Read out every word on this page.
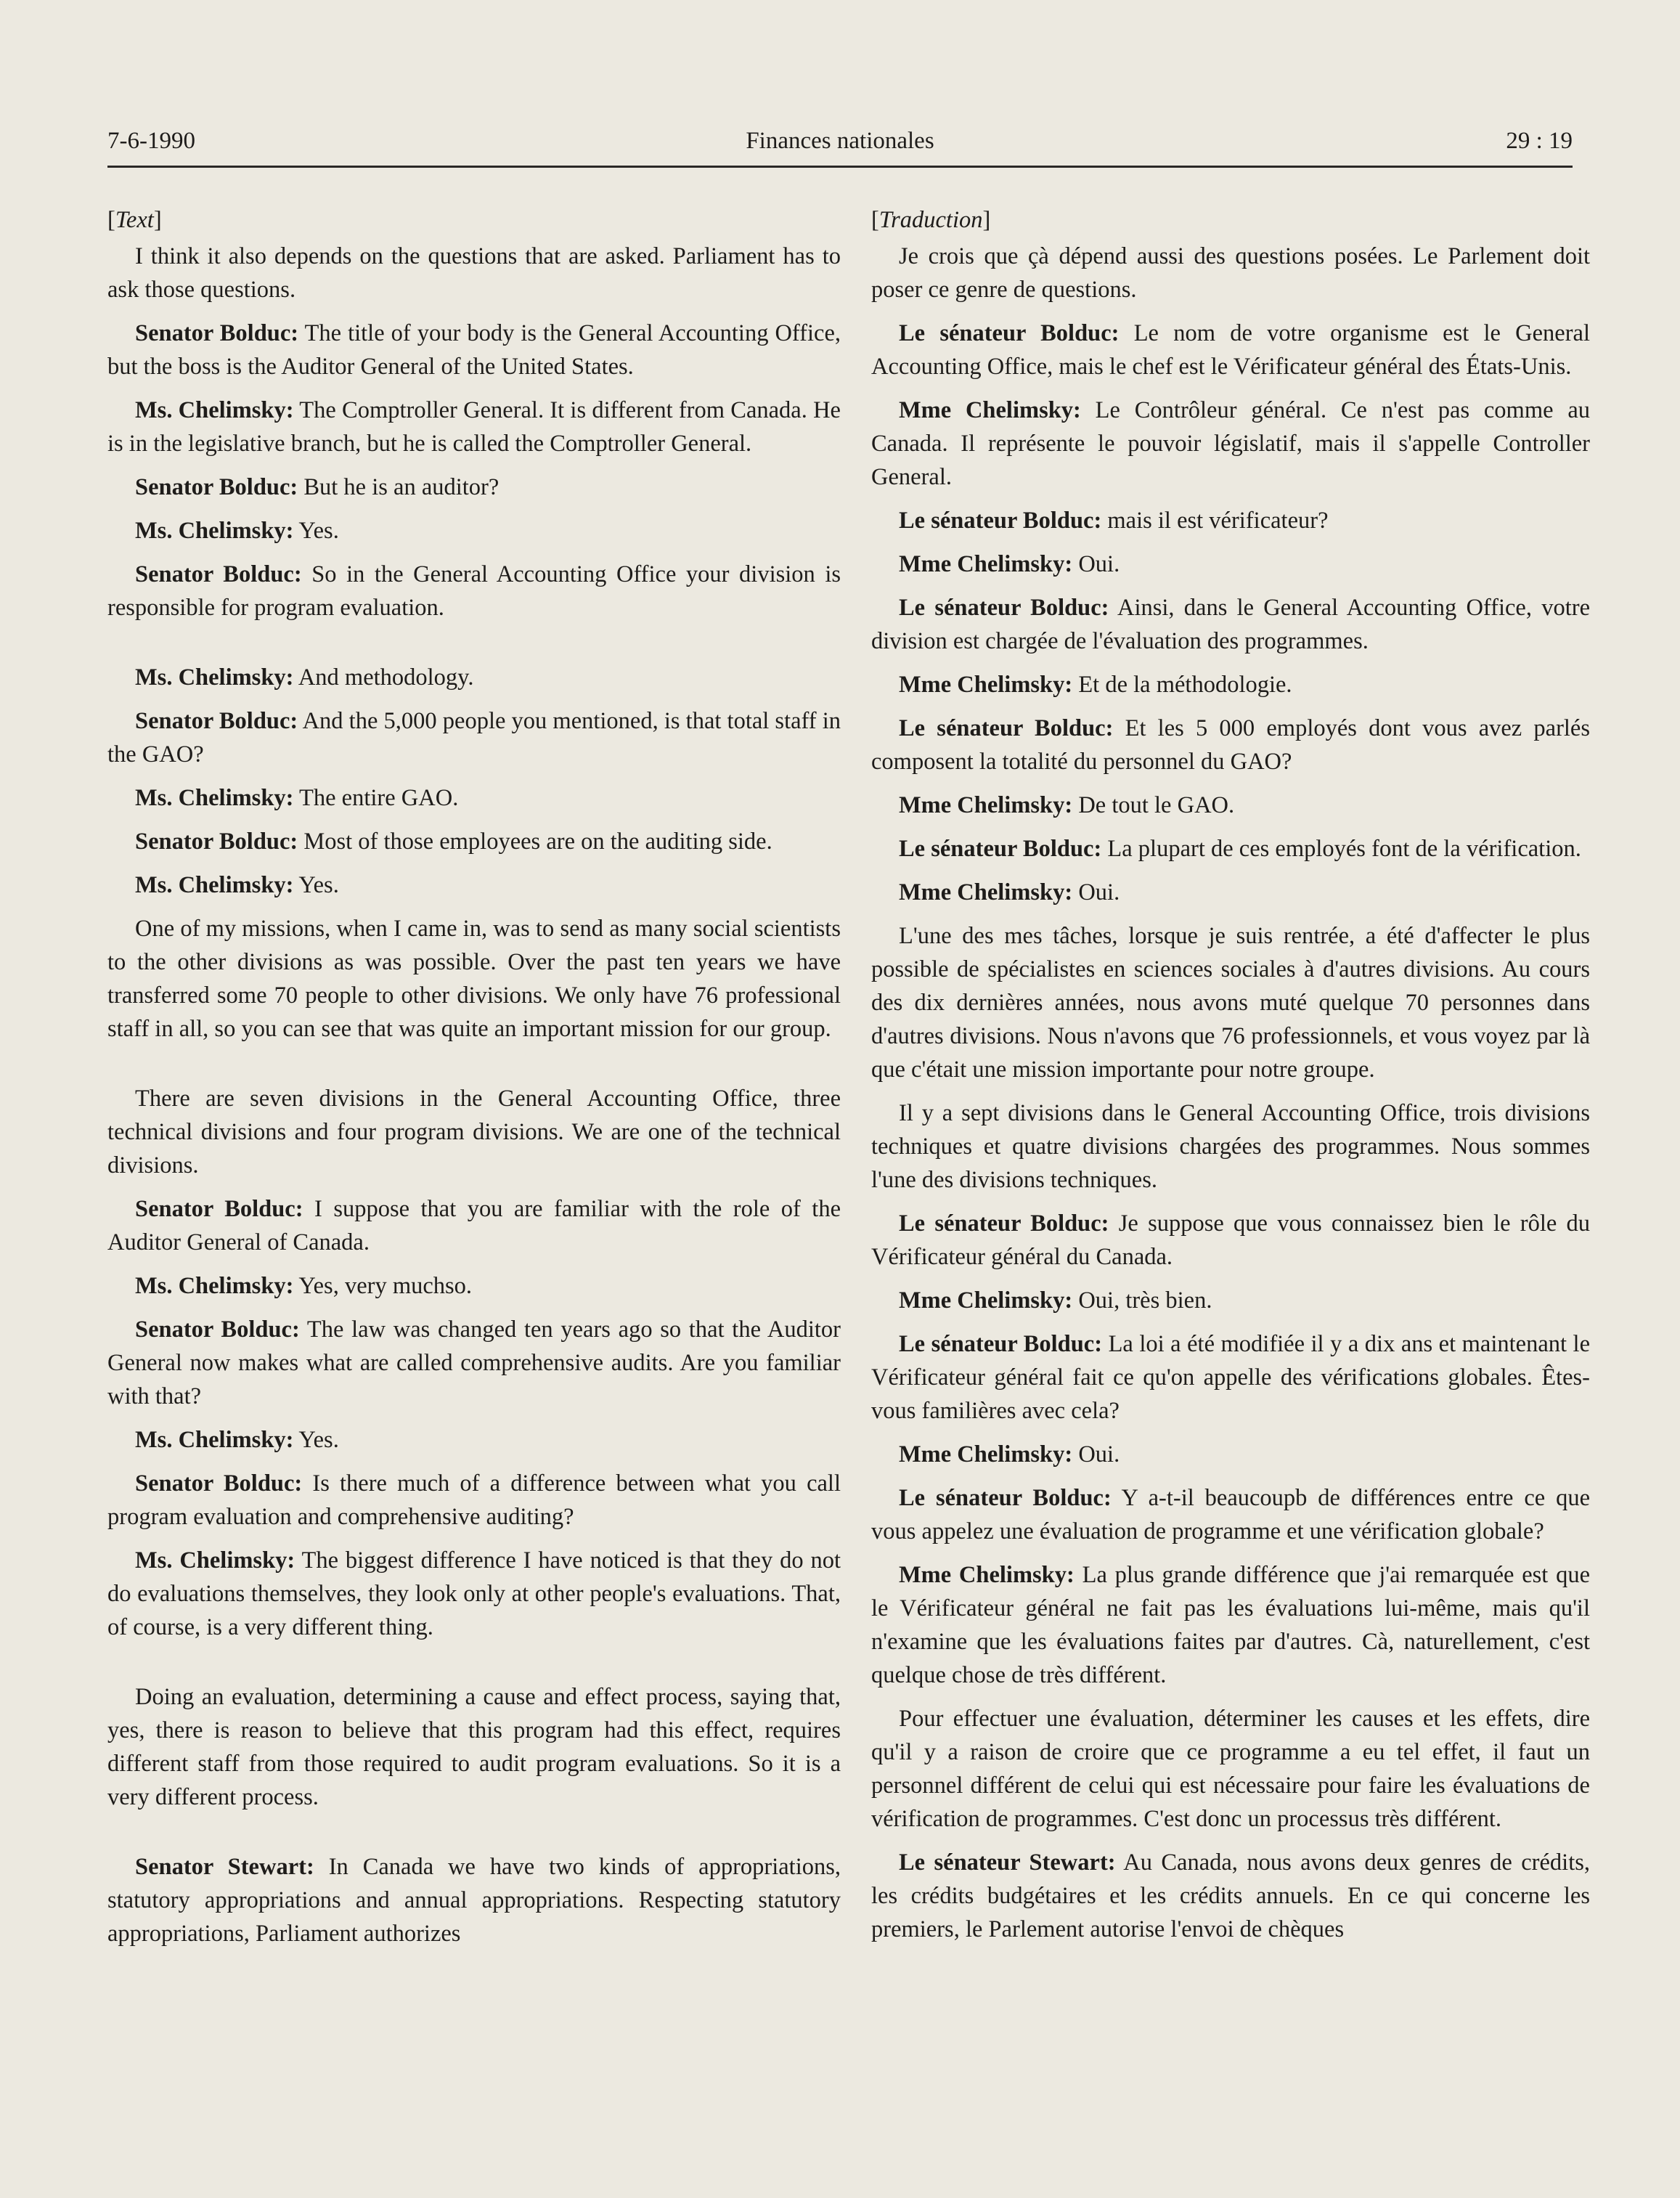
7-6-1990	Finances nationales	29 : 19
[Text]
I think it also depends on the questions that are asked. Parliament has to ask those questions.
Senator Bolduc: The title of your body is the General Accounting Office, but the boss is the Auditor General of the United States.
Ms. Chelimsky: The Comptroller General. It is different from Canada. He is in the legislative branch, but he is called the Comptroller General.
Senator Bolduc: But he is an auditor?
Ms. Chelimsky: Yes.
Senator Bolduc: So in the General Accounting Office your division is responsible for program evaluation.
Ms. Chelimsky: And methodology.
Senator Bolduc: And the 5,000 people you mentioned, is that total staff in the GAO?
Ms. Chelimsky: The entire GAO.
Senator Bolduc: Most of those employees are on the auditing side.
Ms. Chelimsky: Yes.
One of my missions, when I came in, was to send as many social scientists to the other divisions as was possible. Over the past ten years we have transferred some 70 people to other divisions. We only have 76 professional staff in all, so you can see that was quite an important mission for our group.
There are seven divisions in the General Accounting Office, three technical divisions and four program divisions. We are one of the technical divisions.
Senator Bolduc: I suppose that you are familiar with the role of the Auditor General of Canada.
Ms. Chelimsky: Yes, very muchso.
Senator Bolduc: The law was changed ten years ago so that the Auditor General now makes what are called comprehensive audits. Are you familiar with that?
Ms. Chelimsky: Yes.
Senator Bolduc: Is there much of a difference between what you call program evaluation and comprehensive auditing?
Ms. Chelimsky: The biggest difference I have noticed is that they do not do evaluations themselves, they look only at other people's evaluations. That, of course, is a very different thing.
Doing an evaluation, determining a cause and effect process, saying that, yes, there is reason to believe that this program had this effect, requires different staff from those required to audit program evaluations. So it is a very different process.
Senator Stewart: In Canada we have two kinds of appropriations, statutory appropriations and annual appropriations. Respecting statutory appropriations, Parliament authorizes
[Traduction]
Je crois que çà dépend aussi des questions posées. Le Parlement doit poser ce genre de questions.
Le sénateur Bolduc: Le nom de votre organisme est le General Accounting Office, mais le chef est le Vérificateur général des États-Unis.
Mme Chelimsky: Le Contrôleur général. Ce n'est pas comme au Canada. Il représente le pouvoir législatif, mais il s'appelle Controller General.
Le sénateur Bolduc: mais il est vérificateur?
Mme Chelimsky: Oui.
Le sénateur Bolduc: Ainsi, dans le General Accounting Office, votre division est chargée de l'évaluation des programmes.
Mme Chelimsky: Et de la méthodologie.
Le sénateur Bolduc: Et les 5 000 employés dont vous avez parlés composent la totalité du personnel du GAO?
Mme Chelimsky: De tout le GAO.
Le sénateur Bolduc: La plupart de ces employés font de la vérification.
Mme Chelimsky: Oui.
L'une des mes tâches, lorsque je suis rentrée, a été d'affecter le plus possible de spécialistes en sciences sociales à d'autres divisions. Au cours des dix dernières années, nous avons muté quelque 70 personnes dans d'autres divisions. Nous n'avons que 76 professionnels, et vous voyez par là que c'était une mission importante pour notre groupe.
Il y a sept divisions dans le General Accounting Office, trois divisions techniques et quatre divisions chargées des programmes. Nous sommes l'une des divisions techniques.
Le sénateur Bolduc: Je suppose que vous connaissez bien le rôle du Vérificateur général du Canada.
Mme Chelimsky: Oui, très bien.
Le sénateur Bolduc: La loi a été modifiée il y a dix ans et maintenant le Vérificateur général fait ce qu'on appelle des vérifications globales. Êtes-vous familières avec cela?
Mme Chelimsky: Oui.
Le sénateur Bolduc: Y a-t-il beaucoupb de différences entre ce que vous appelez une évaluation de programme et une vérification globale?
Mme Chelimsky: La plus grande différence que j'ai remarquée est que le Vérificateur général ne fait pas les évaluations lui-même, mais qu'il n'examine que les évaluations faites par d'autres. Cà, naturellement, c'est quelque chose de très différent.
Pour effectuer une évaluation, déterminer les causes et les effets, dire qu'il y a raison de croire que ce programme a eu tel effet, il faut un personnel différent de celui qui est nécessaire pour faire les évaluations de vérification de programmes. C'est donc un processus très différent.
Le sénateur Stewart: Au Canada, nous avons deux genres de crédits, les crédits budgétaires et les crédits annuels. En ce qui concerne les premiers, le Parlement autorise l'envoi de chèques
